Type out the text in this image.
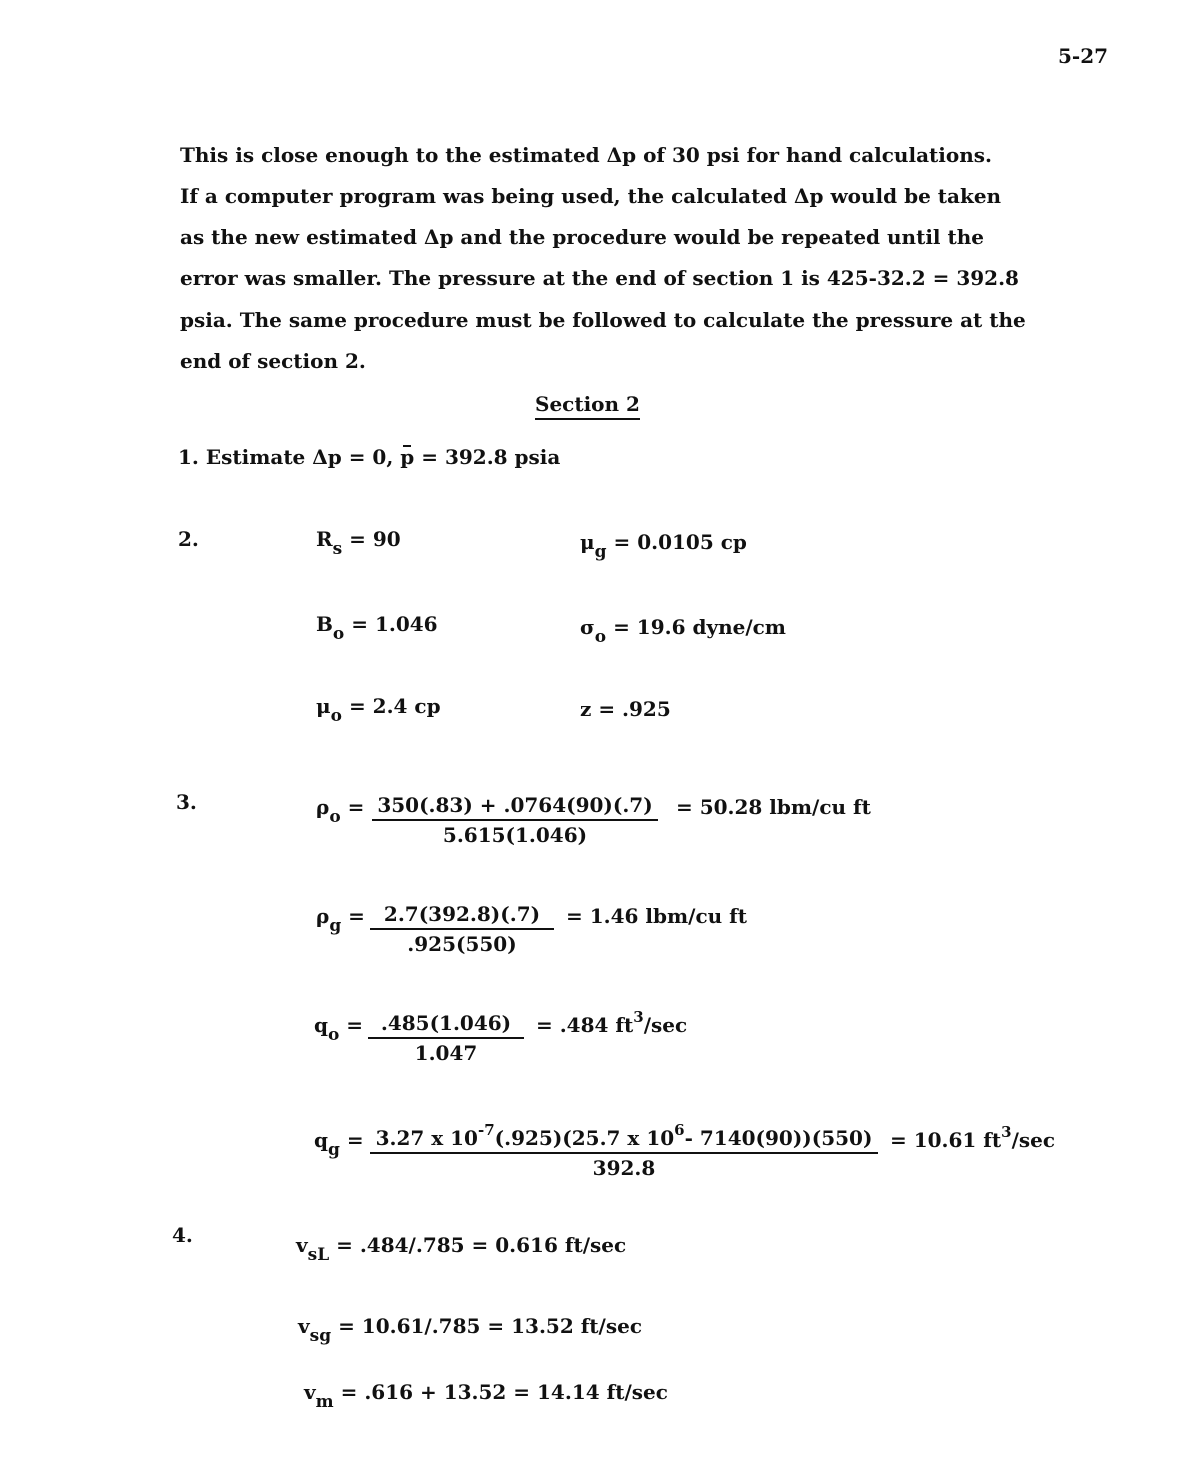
5-27
This is close enough to the estimated Δp of 30 psi for hand calculations.
If a computer program was being used, the calculated Δp would be taken
as the new estimated Δp and the procedure would be repeated until the
error was smaller. The pressure at the end of section 1 is 425-32.2 = 392.8
psia. The same procedure must be followed to calculate the pressure at the
end of section 2.
Section 2
1. Estimate Δp = 0, p = 392.8 psia
2.	$R_s = 90$	$\mu_g = 0.0105$ cp
$B_o = 1.046$	$\sigma_o = 19.6$ dyne/cm
$\mu_o = 2.4$ cp	z = .925
3.	$\rho_o = \frac{350(.83) + .0764(90)(.7)}{5.615(1.046)} = 50.28$ lbm/cu ft
$\rho_g = \frac{2.7(392.8)(.7)}{.925(550)} = 1.46$ lbm/cu ft
$q_o = \frac{.485(1.046)}{1.047} = .484$ $ft^3/\sec$
$q_g = \frac{3.27 x 10^{-7}(.925)(25.7 x 10^6- 7140(90))(550)}{392.8} = 10.61$ $ft^3/\sec$
4.	$v_{sL} = .484/.785 = 0.616$ ft/sec
$v_{sg} = 10.61/.785 = 13.52$ ft/sec
$v_m = .616 + 13.52 = 14.14$ ft/sec
